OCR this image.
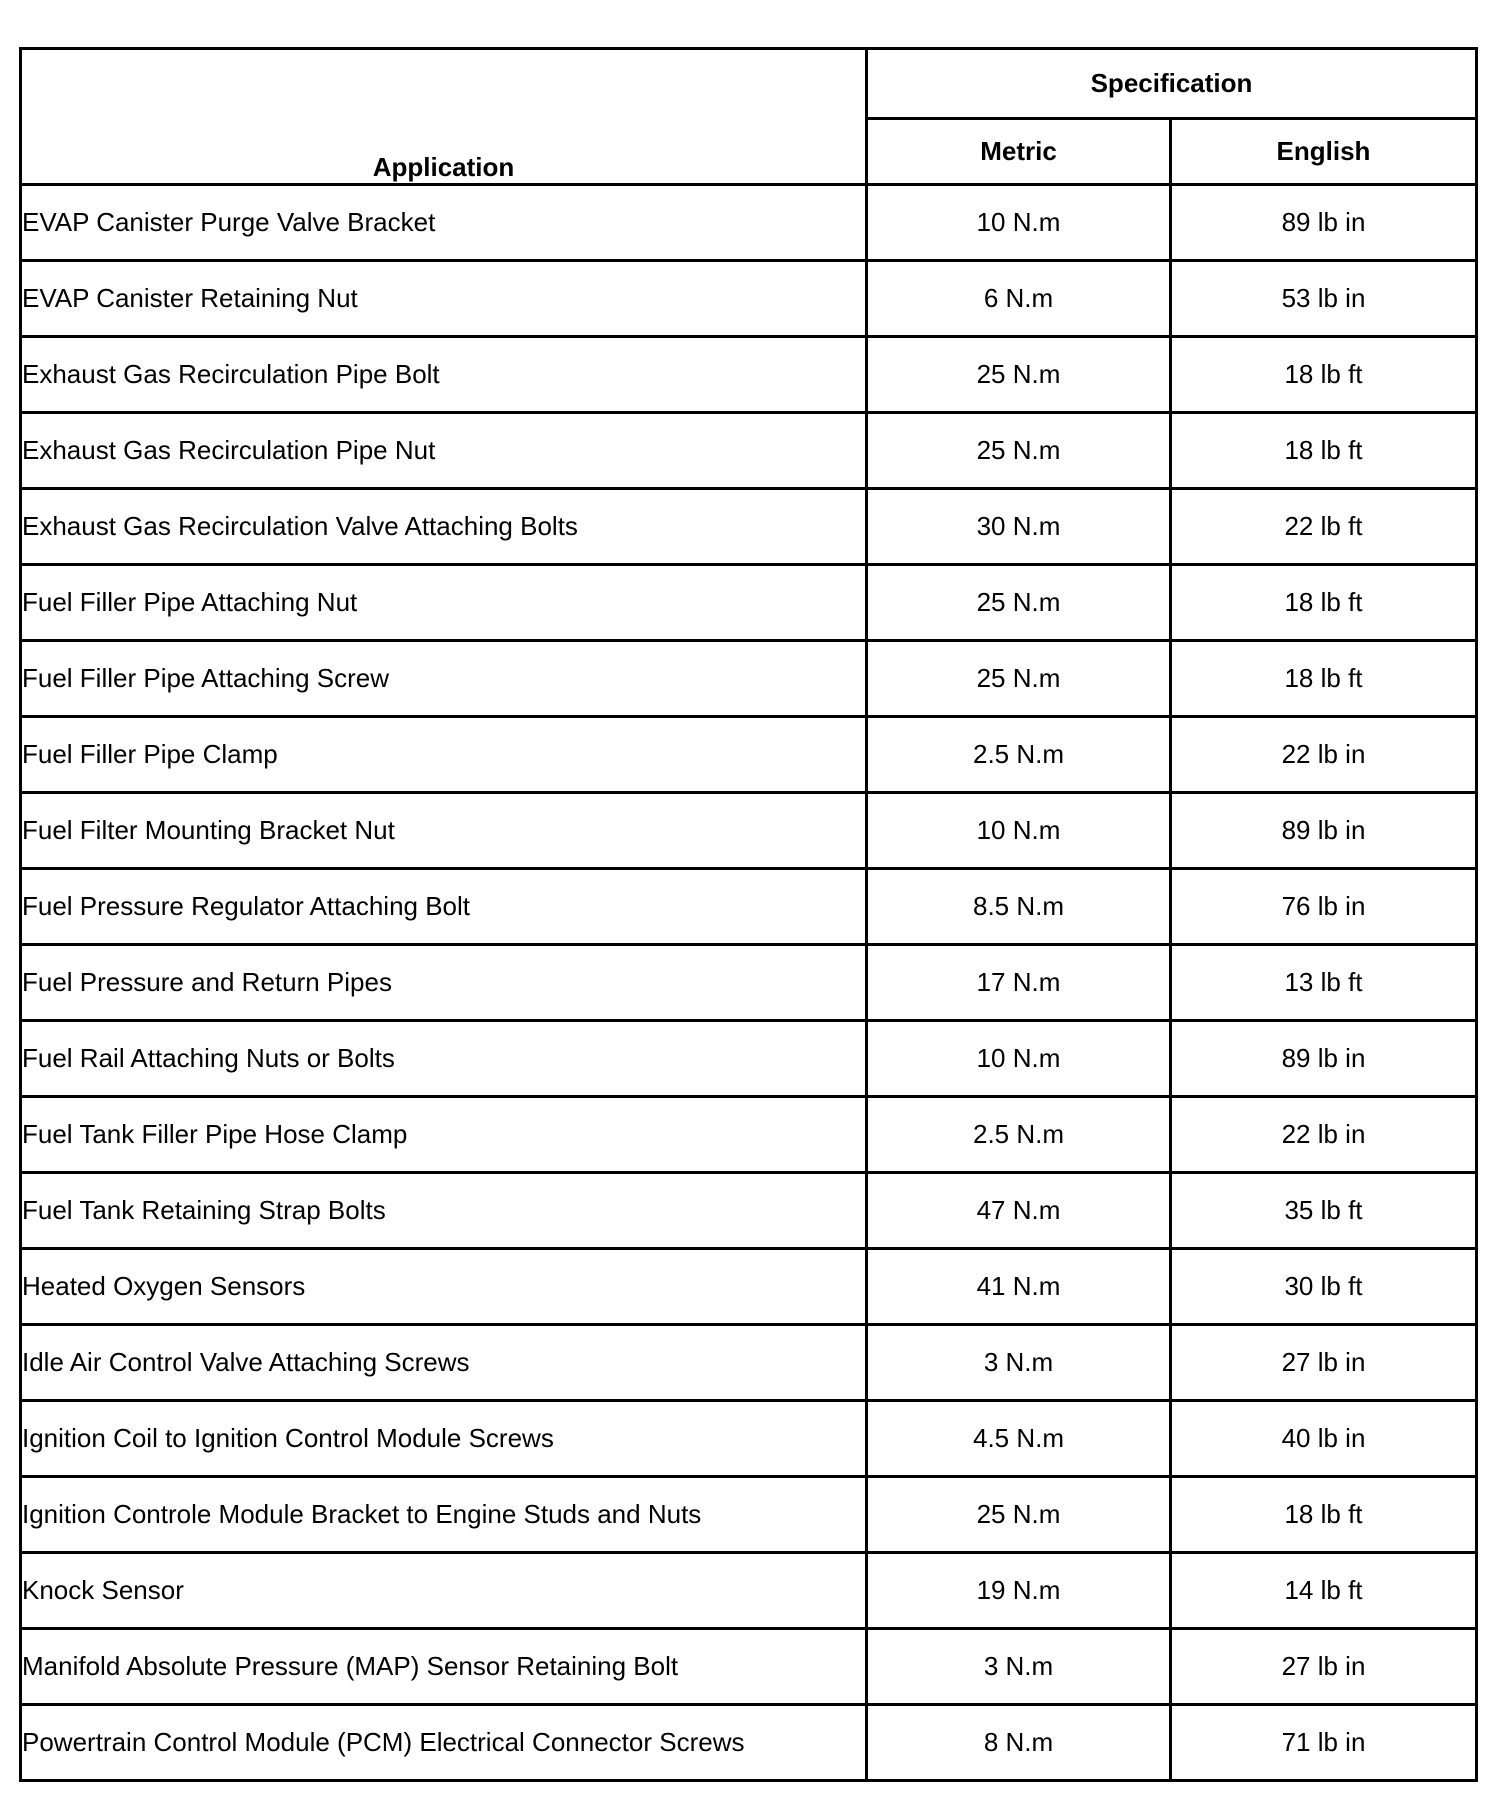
Application	Specification	
	Metric	English
EVAP Canister Purge Valve Bracket	10 N.m	89 lb in
EVAP Canister Retaining Nut	6 N.m	53 lb in
Exhaust Gas Recirculation Pipe Bolt	25 N.m	18 lb ft
Exhaust Gas Recirculation Pipe Nut	25 N.m	18 lb ft
Exhaust Gas Recirculation Valve Attaching Bolts	30 N.m	22 lb ft
Fuel Filler Pipe Attaching Nut	25 N.m	18 lb ft
Fuel Filler Pipe Attaching Screw	25 N.m	18 lb ft
Fuel Filler Pipe Clamp	2.5 N.m	22 lb in
Fuel Filter Mounting Bracket Nut	10 N.m	89 lb in
Fuel Pressure Regulator Attaching Bolt	8.5 N.m	76 lb in
Fuel Pressure and Return Pipes	17 N.m	13 lb ft
Fuel Rail Attaching Nuts or Bolts	10 N.m	89 lb in
Fuel Tank Filler Pipe Hose Clamp	2.5 N.m	22 lb in
Fuel Tank Retaining Strap Bolts	47 N.m	35 lb ft
Heated Oxygen Sensors	41 N.m	30 lb ft
Idle Air Control Valve Attaching Screws	3 N.m	27 lb in
Ignition Coil to Ignition Control Module Screws	4.5 N.m	40 lb in
Ignition Controle Module Bracket to Engine Studs and Nuts	25 N.m	18 lb ft
Knock Sensor	19 N.m	14 lb ft
Manifold Absolute Pressure (MAP) Sensor Retaining Bolt	3 N.m	27 lb in
Powertrain Control Module (PCM) Electrical Connector Screws	8 N.m	71 lb in
